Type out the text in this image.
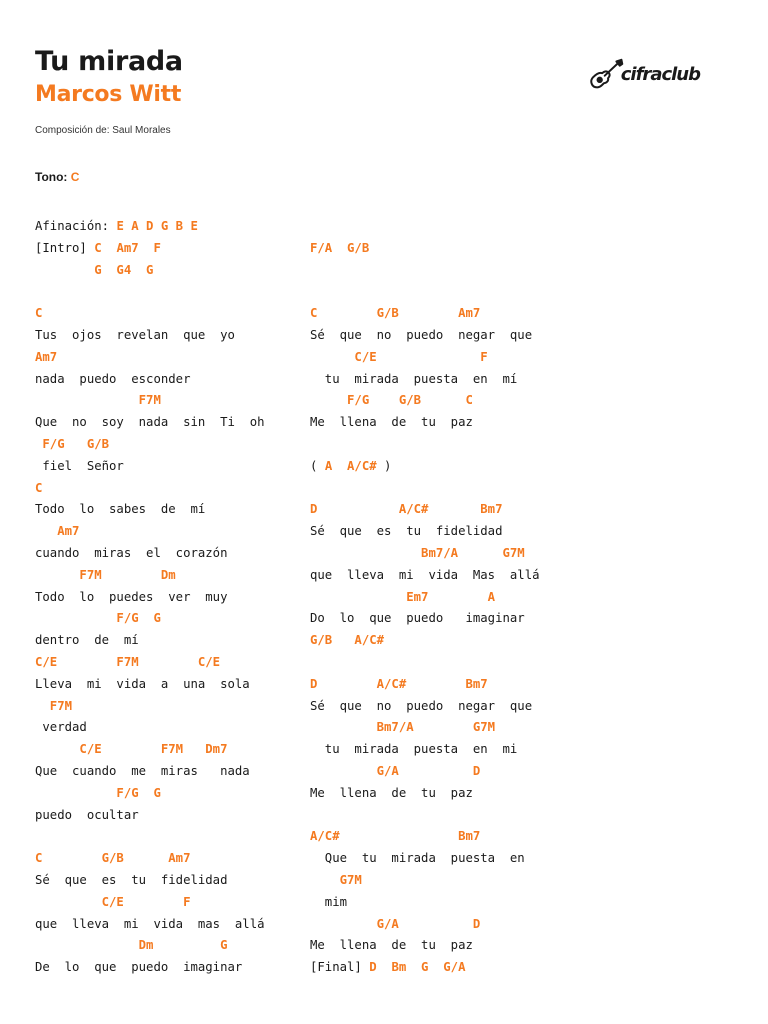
Tu mirada
Marcos Witt
Composición de: Saul Morales
cifraclub
Tono: C
Afinación: E A D G B E
[Intro] C  Am7  F
G  G4  G

C
Tus  ojos  revelan  que  yo
Am7
nada  puedo  esconder
F7M
Que  no  soy  nada  sin  Ti  oh
F/G   G/B
fiel  Señor
C
Todo  lo  sabes  de  mí
Am7
cuando  miras  el  corazón
F7M        Dm
Todo  lo  puedes  ver  muy
F/G  G
dentro  de  mí
C/E        F7M        C/E
Lleva  mi  vida  a  una  sola
F7M
verdad
C/E        F7M   Dm7
Que  cuando  me  miras   nada
F/G  G
puedo  ocultar

C        G/B      Am7
Sé  que  es  tu  fidelidad
C/E        F
que  lleva  mi  vida  mas  allá
Dm         G
De  lo  que  puedo  imaginar

F/A  G/B

C        G/B        Am7
Sé  que  no  puedo  negar  que
C/E              F
tu  mirada  puesta  en  mí
F/G    G/B      C
Me  llena  de  tu  paz

( A  A/C# )

D           A/C#       Bm7
Sé  que  es  tu  fidelidad
Bm7/A      G7M
que  lleva  mi  vida  Mas  allá
Em7        A
Do  lo  que  puedo   imaginar
G/B   A/C#

D        A/C#        Bm7
Sé  que  no  puedo  negar  que
Bm7/A        G7M
tu  mirada  puesta  en  mi
G/A          D
Me  llena  de  tu  paz

A/C#                Bm7
Que  tu  mirada  puesta  en
G7M
mim
G/A          D
Me  llena  de  tu  paz
[Final] D  Bm  G  G/A
